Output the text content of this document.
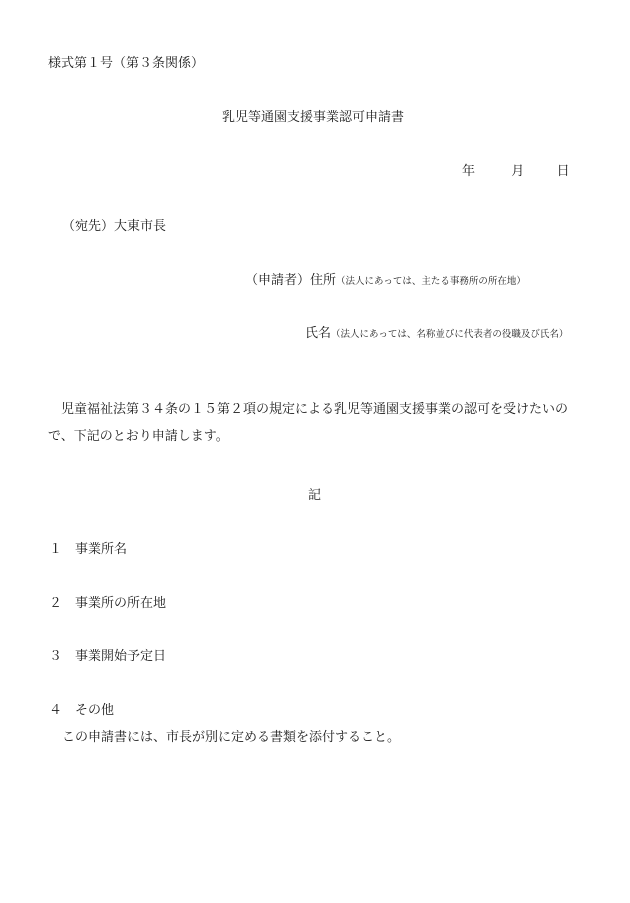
様式第１号（第３条関係）
乳児等通園支援事業認可申請書
年	月 日
（宛先）大東市長
（申請者）住所（法人にあっては、主たる事務所の所在地）
氏名（法人にあっては、名称並びに代表者の役職及び氏名）
児童福祉法第３４条の１５第２項の規定による乳児等通園支援事業の認可を受けたいの
で、下記のとおり申請します。
記
１ 事業所名
２ 事業所の所在地
３ 事業開始予定日
４ その他
この申請書には、市長が別に定める書類を添付すること。
